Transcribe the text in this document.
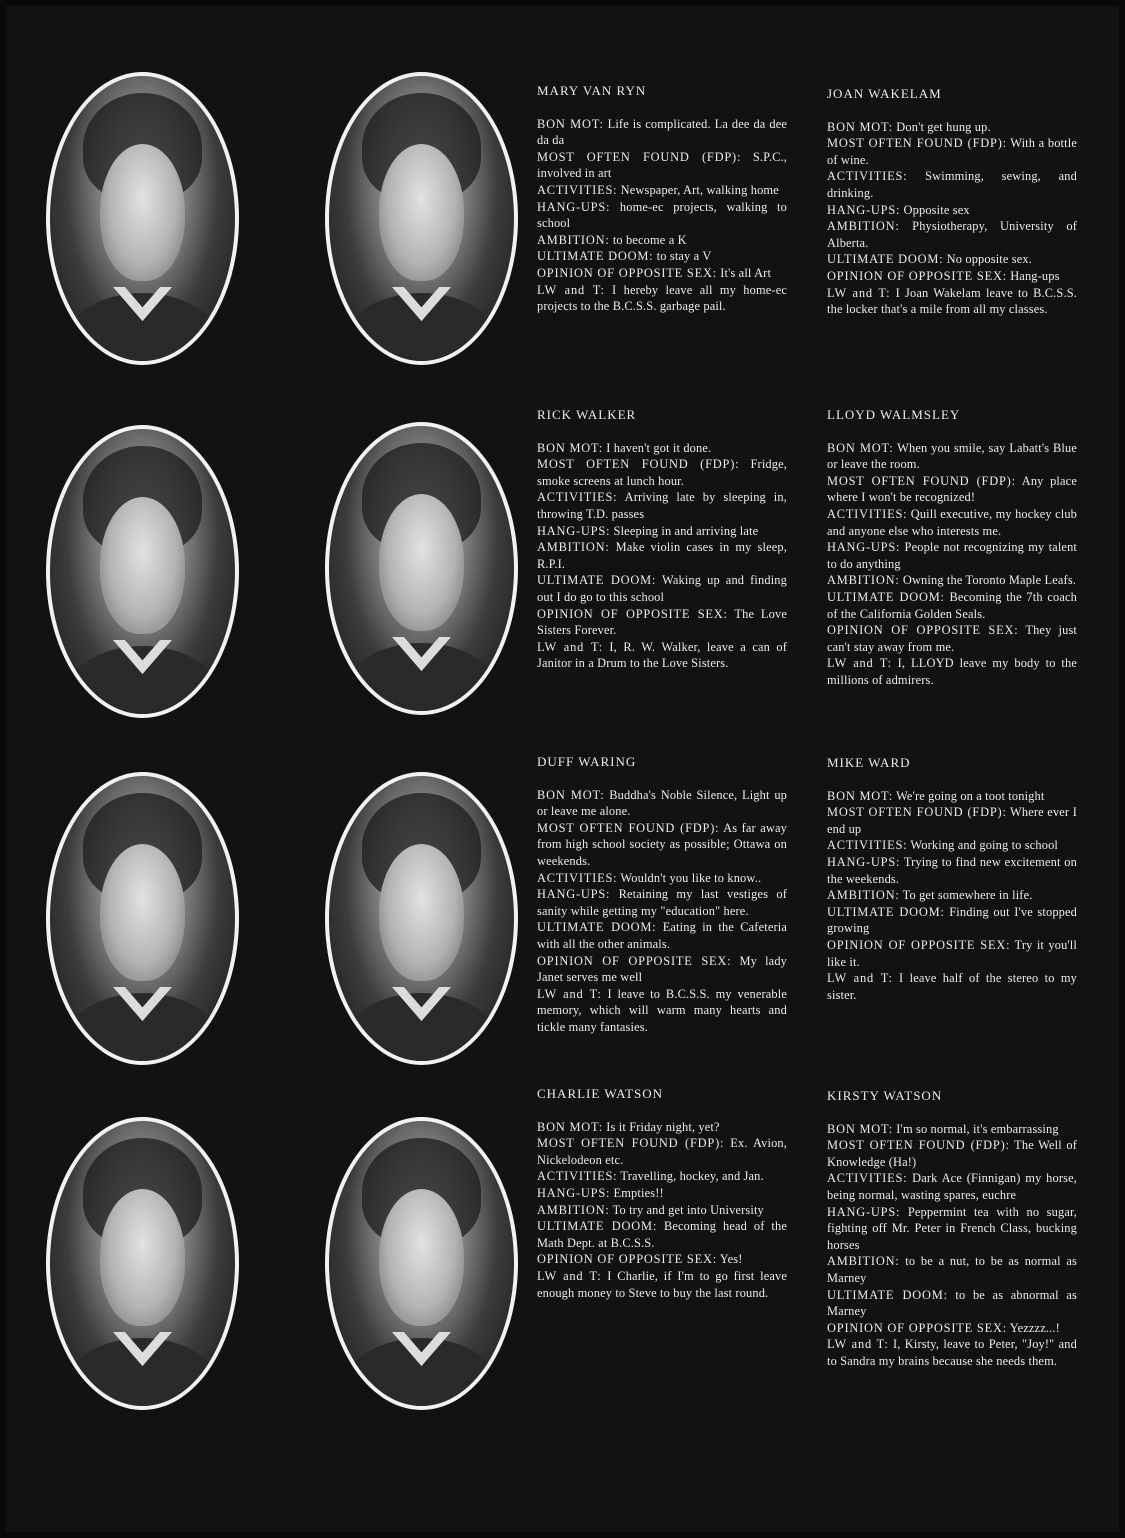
MARY VAN RYN

BON MOT: Life is complicated. La dee da dee da da

MOST OFTEN FOUND (FDP): S.P.C., involved in art

ACTIVITIES: Newspaper, Art, walking home

HANG-UPS: home-ec projects, walking to school

AMBITION: to become a K

ULTIMATE DOOM: to stay a V

OPINION OF OPPOSITE SEX: It's all Art

LW and T: I hereby leave all my home-ec projects to the B.C.S.S. garbage pail.

JOAN WAKELAM

BON MOT: Don't get hung up.

MOST OFTEN FOUND (FDP): With a bottle of wine.

ACTIVITIES: Swimming, sewing, and drinking.

HANG-UPS: Opposite sex

AMBITION: Physiotherapy, University of Alberta.

ULTIMATE DOOM: No opposite sex.

OPINION OF OPPOSITE SEX: Hang-ups

LW and T: I Joan Wakelam leave to B.C.S.S. the locker that's a mile from all my classes.

RICK WALKER

BON MOT: I haven't got it done.

MOST OFTEN FOUND (FDP): Fridge, smoke screens at lunch hour.

ACTIVITIES: Arriving late by sleeping in, throwing T.D. passes

HANG-UPS: Sleeping in and arriving late

AMBITION: Make violin cases in my sleep, R.P.I.

ULTIMATE DOOM: Waking up and finding out I do go to this school

OPINION OF OPPOSITE SEX: The Love Sisters Forever.

LW and T: I, R. W. Walker, leave a can of Janitor in a Drum to the Love Sisters.

LLOYD WALMSLEY

BON MOT: When you smile, say Labatt's Blue or leave the room.

MOST OFTEN FOUND (FDP): Any place where I won't be recognized!

ACTIVITIES: Quill executive, my hockey club and anyone else who interests me.

HANG-UPS: People not recognizing my talent to do anything

AMBITION: Owning the Toronto Maple Leafs.

ULTIMATE DOOM: Becoming the 7th coach of the California Golden Seals.

OPINION OF OPPOSITE SEX: They just can't stay away from me.

LW and T: I, LLOYD leave my body to the millions of admirers.

DUFF WARING

BON MOT: Buddha's Noble Silence, Light up or leave me alone.

MOST OFTEN FOUND (FDP): As far away from high school society as possible; Ottawa on weekends.

ACTIVITIES: Wouldn't you like to know..

HANG-UPS: Retaining my last vestiges of sanity while getting my "education" here.

ULTIMATE DOOM: Eating in the Cafeteria with all the other animals.

OPINION OF OPPOSITE SEX: My lady Janet serves me well

LW and T: I leave to B.C.S.S. my venerable memory, which will warm many hearts and tickle many fantasies.

MIKE WARD

BON MOT: We're going on a toot tonight

MOST OFTEN FOUND (FDP): Where ever I end up

ACTIVITIES: Working and going to school

HANG-UPS: Trying to find new excitement on the weekends.

AMBITION: To get somewhere in life.

ULTIMATE DOOM: Finding out I've stopped growing

OPINION OF OPPOSITE SEX: Try it you'll like it.

LW and T: I leave half of the stereo to my sister.

CHARLIE WATSON

BON MOT: Is it Friday night, yet?

MOST OFTEN FOUND (FDP): Ex. Avion, Nickelodeon etc.

ACTIVITIES: Travelling, hockey, and Jan.

HANG-UPS: Empties!!

AMBITION: To try and get into University

ULTIMATE DOOM: Becoming head of the Math Dept. at B.C.S.S.

OPINION OF OPPOSITE SEX: Yes!

LW and T: I Charlie, if I'm to go first leave enough money to Steve to buy the last round.

KIRSTY WATSON

BON MOT: I'm so normal, it's embarrassing

MOST OFTEN FOUND (FDP): The Well of Knowledge (Ha!)

ACTIVITIES: Dark Ace (Finnigan) my horse, being normal, wasting spares, euchre

HANG-UPS: Peppermint tea with no sugar, fighting off Mr. Peter in French Class, bucking horses

AMBITION: to be a nut, to be as normal as Marney

ULTIMATE DOOM: to be as abnormal as Marney

OPINION OF OPPOSITE SEX: Yezzzz...!

LW and T: I, Kirsty, leave to Peter, "Joy!" and to Sandra my brains because she needs them.
